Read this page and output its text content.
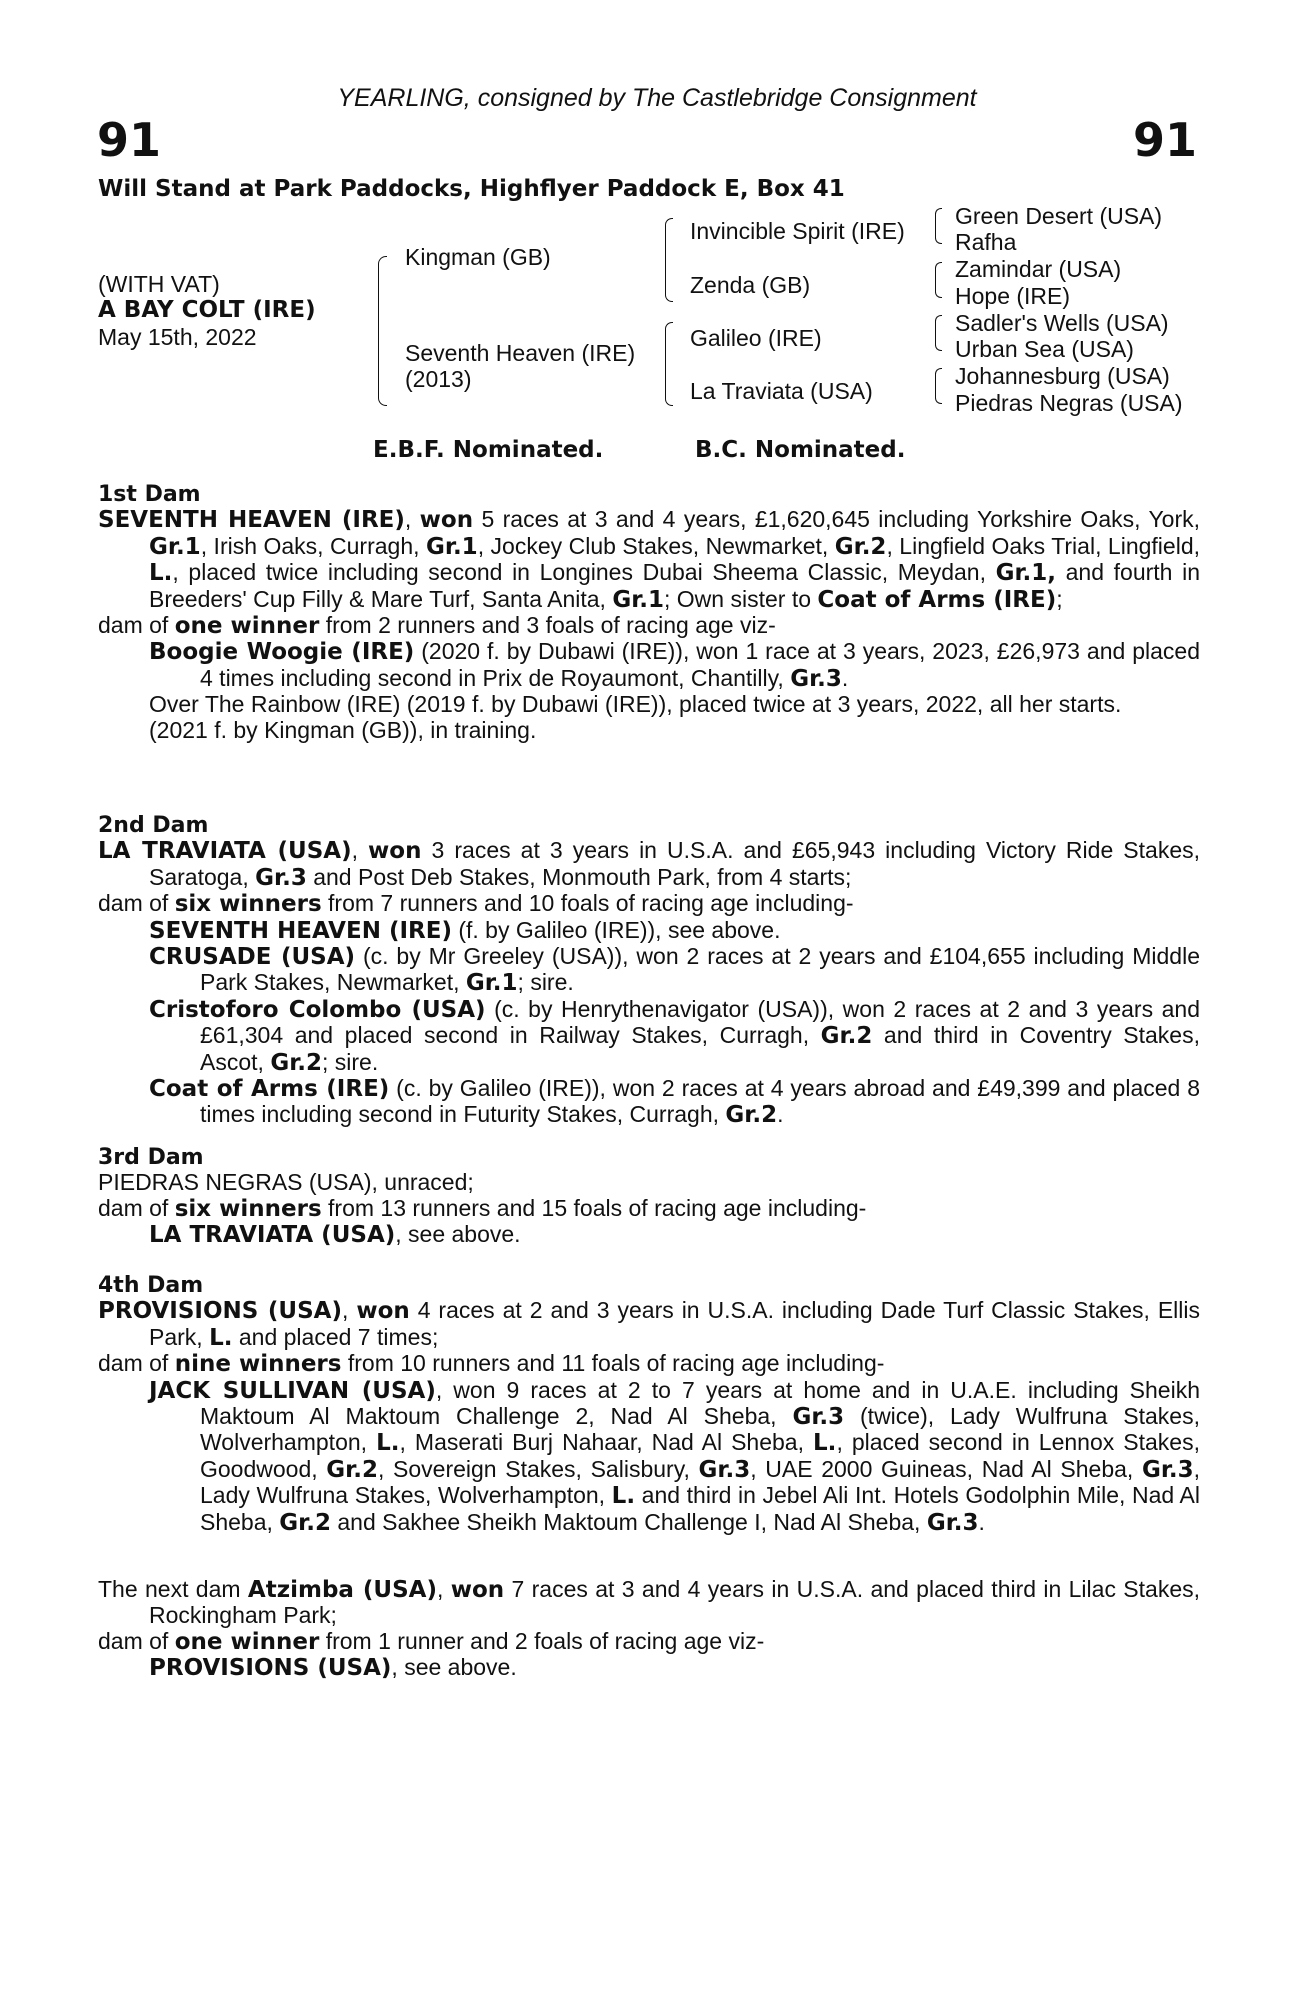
YEARLING, consigned by The Castlebridge Consignment
91	91
Will Stand at Park Paddocks, Highflyer Paddock E, Box 41
(WITH VAT)
A BAY COLT (IRE)
May 15th, 2022
Kingman (GB)
Seventh Heaven (IRE)
(2013)
Invincible Spirit (IRE)
Zenda (GB)
Galileo (IRE)
La Traviata (USA)
Green Desert (USA)
Rafha
Zamindar (USA)
Hope (IRE)
Sadler's Wells (USA)
Urban Sea (USA)
Johannesburg (USA)
Piedras Negras (USA)
E.B.F. Nominated.	B.C. Nominated.

1st Dam

SEVENTH HEAVEN (IRE), won 5 races at 3 and 4 years, £1,620,645 including Yorkshire Oaks, York, Gr.1, Irish Oaks, Curragh, Gr.1, Jockey Club Stakes, Newmarket, Gr.2, Lingfield Oaks Trial, Lingfield, L., placed twice including second in Longines Dubai Sheema Classic, Meydan, Gr.1, and fourth in Breeders' Cup Filly & Mare Turf, Santa Anita, Gr.1; Own sister to Coat of Arms (IRE);

dam of one winner from 2 runners and 3 foals of racing age viz-

Boogie Woogie (IRE) (2020 f. by Dubawi (IRE)), won 1 race at 3 years, 2023, £26,973 and placed 4 times including second in Prix de Royaumont, Chantilly, Gr.3.

Over The Rainbow (IRE) (2019 f. by Dubawi (IRE)), placed twice at 3 years, 2022, all her starts.

(2021 f. by Kingman (GB)), in training.

2nd Dam

LA TRAVIATA (USA), won 3 races at 3 years in U.S.A. and £65,943 including Victory Ride Stakes, Saratoga, Gr.3 and Post Deb Stakes, Monmouth Park, from 4 starts;

dam of six winners from 7 runners and 10 foals of racing age including-

SEVENTH HEAVEN (IRE) (f. by Galileo (IRE)), see above.

CRUSADE (USA) (c. by Mr Greeley (USA)), won 2 races at 2 years and £104,655 including Middle Park Stakes, Newmarket, Gr.1; sire.

Cristoforo Colombo (USA) (c. by Henrythenavigator (USA)), won 2 races at 2 and 3 years and £61,304 and placed second in Railway Stakes, Curragh, Gr.2 and third in Coventry Stakes, Ascot, Gr.2; sire.

Coat of Arms (IRE) (c. by Galileo (IRE)), won 2 races at 4 years abroad and £49,399 and placed 8 times including second in Futurity Stakes, Curragh, Gr.2.

3rd Dam

PIEDRAS NEGRAS (USA), unraced;

dam of six winners from 13 runners and 15 foals of racing age including-

LA TRAVIATA (USA), see above.

4th Dam

PROVISIONS (USA), won 4 races at 2 and 3 years in U.S.A. including Dade Turf Classic Stakes, Ellis Park, L. and placed 7 times;

dam of nine winners from 10 runners and 11 foals of racing age including-

JACK SULLIVAN (USA), won 9 races at 2 to 7 years at home and in U.A.E. including Sheikh Maktoum Al Maktoum Challenge 2, Nad Al Sheba, Gr.3 (twice), Lady Wulfruna Stakes, Wolverhampton, L., Maserati Burj Nahaar, Nad Al Sheba, L., placed second in Lennox Stakes, Goodwood, Gr.2, Sovereign Stakes, Salisbury, Gr.3, UAE 2000 Guineas, Nad Al Sheba, Gr.3, Lady Wulfruna Stakes, Wolverhampton, L. and third in Jebel Ali Int. Hotels Godolphin Mile, Nad Al Sheba, Gr.2 and Sakhee Sheikh Maktoum Challenge I, Nad Al Sheba, Gr.3.

The next dam Atzimba (USA), won 7 races at 3 and 4 years in U.S.A. and placed third in Lilac Stakes, Rockingham Park;

dam of one winner from 1 runner and 2 foals of racing age viz-

PROVISIONS (USA), see above.
